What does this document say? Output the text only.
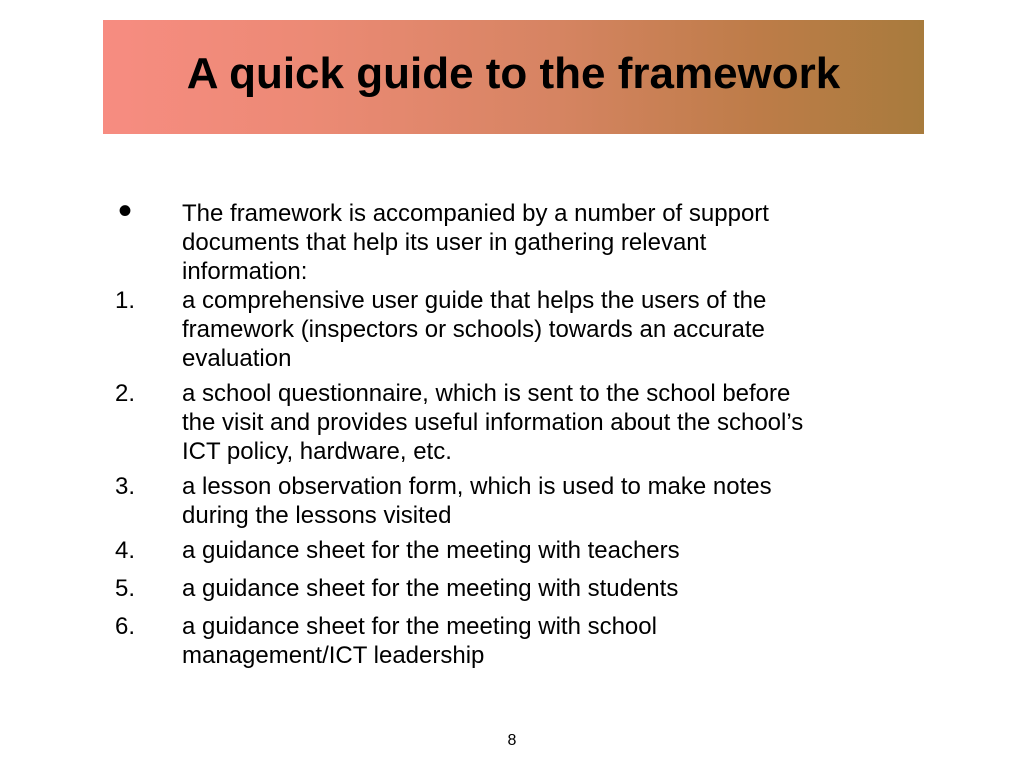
A quick guide to the framework
•	The framework is accompanied by a number of support
documents that help its user in gathering relevant
information:
1.	a comprehensive user guide that helps the users of the
framework (inspectors or schools) towards an accurate
evaluation
2.	a school questionnaire, which is sent to the school before
the visit and provides useful information about the school’s
ICT policy, hardware, etc.
3.	a lesson observation form, which is used to make notes
during the lessons visited
4.	a guidance sheet for the meeting with teachers
5.	a guidance sheet for the meeting with students
6.	a guidance sheet for the meeting with school
management/ICT leadership
8
